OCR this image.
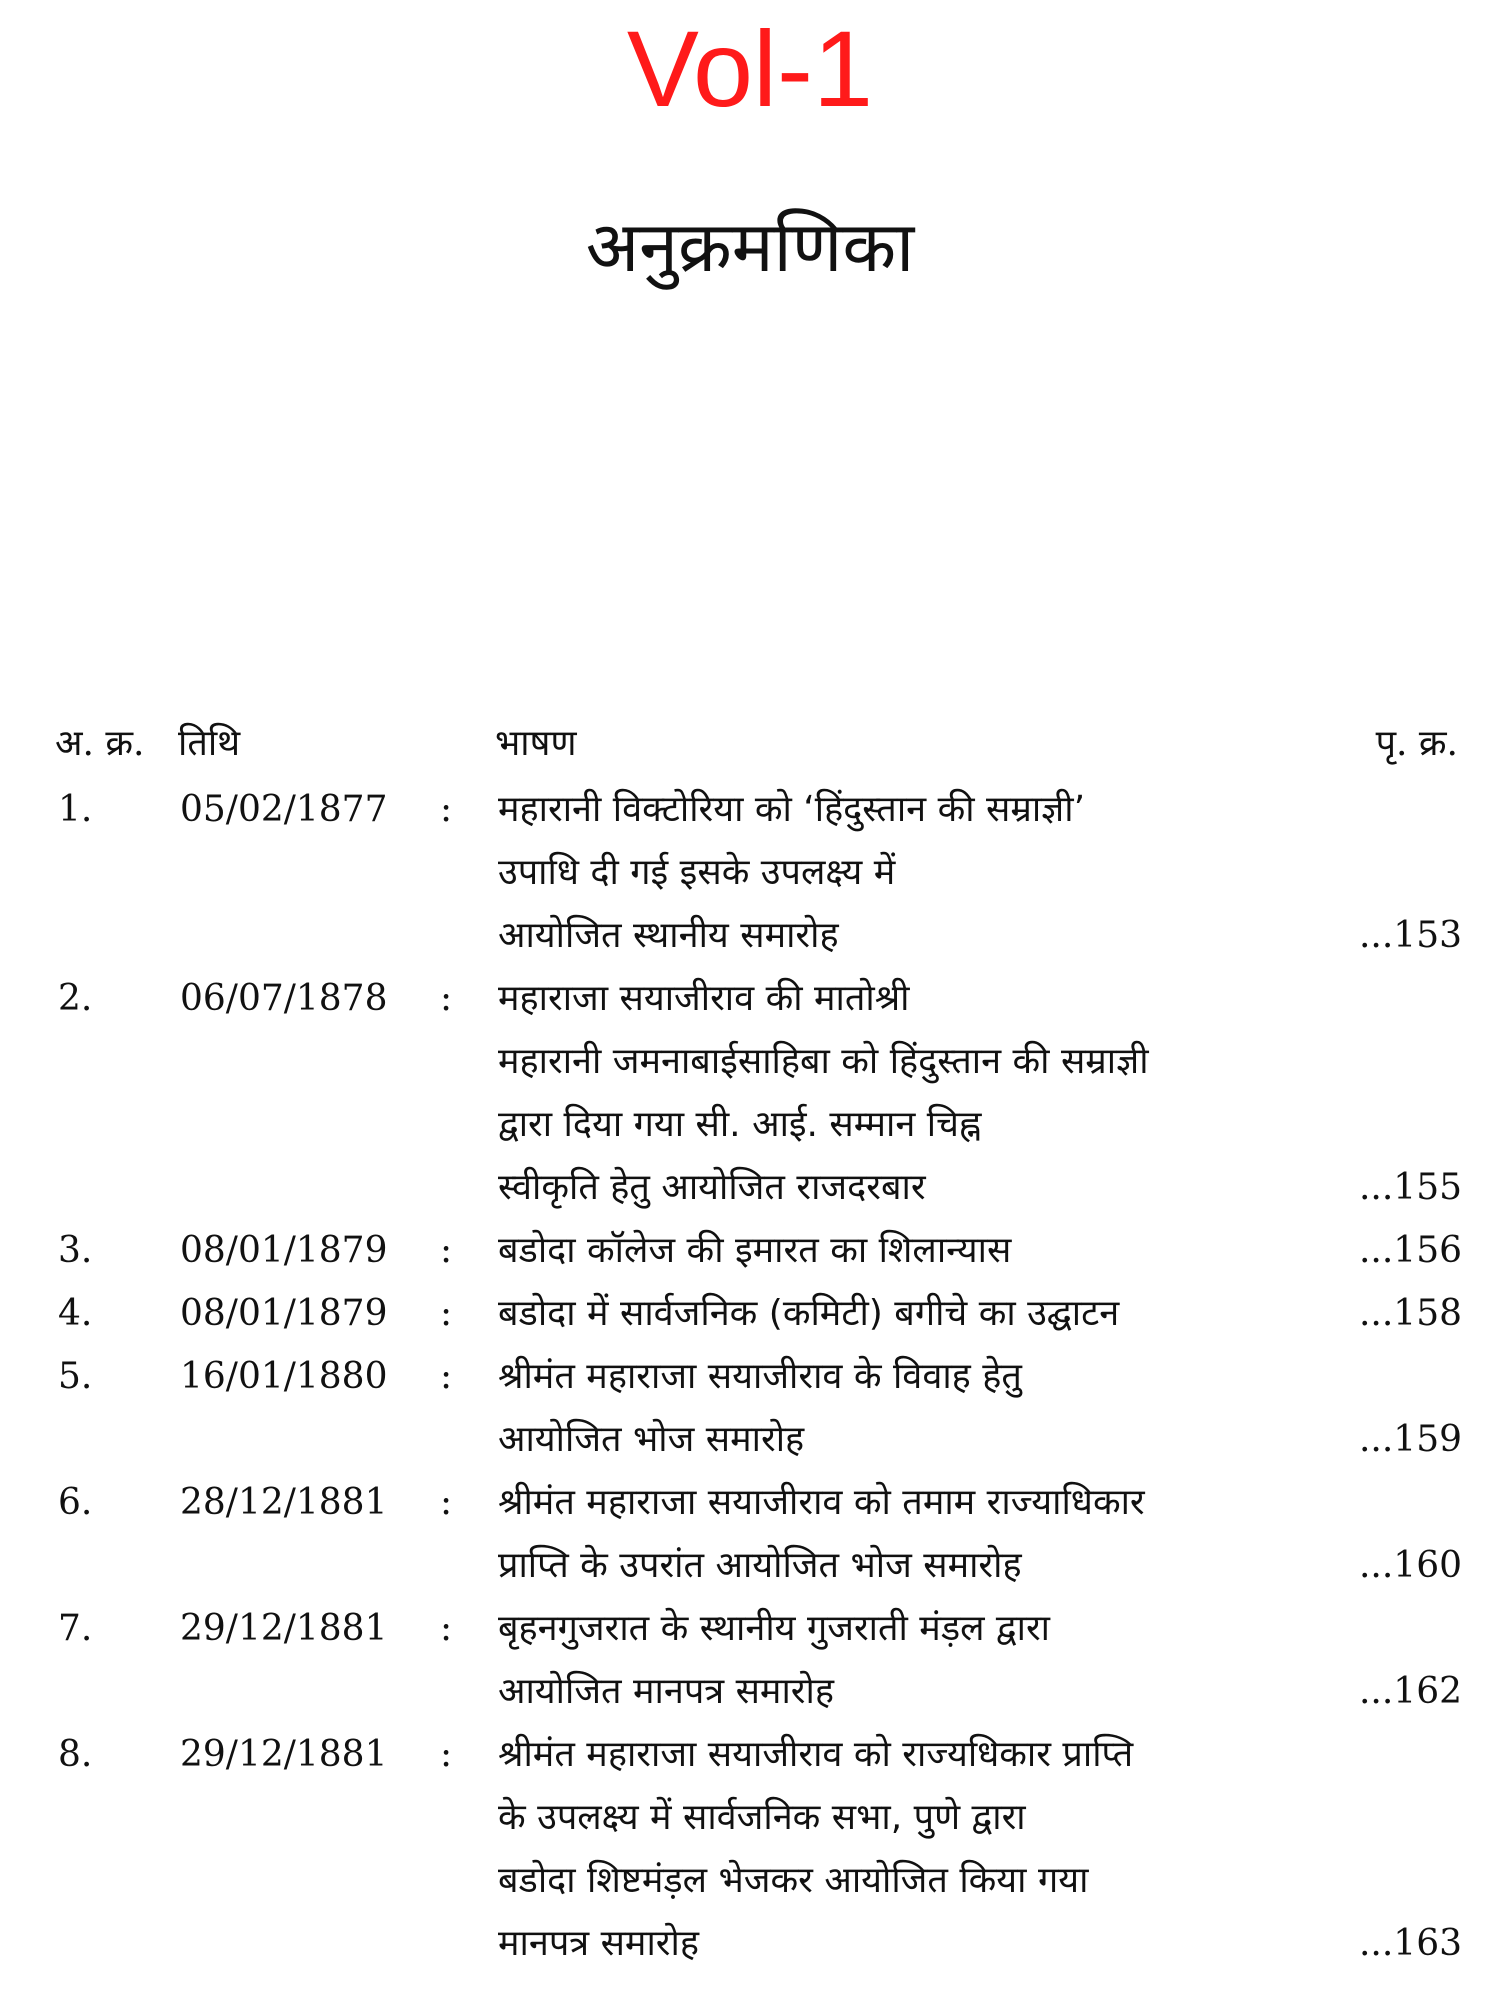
Vol-1
अनुक्रमणिका
अ. क्र. तिथि	भाषण	पृ. क्र.
1. 05/02/1877 : महारानी विक्टोरिया को ‘हिंदुस्तान की सम्राज्ञी’
उपाधि दी गई इसके उपलक्ष्य में
आयोजित स्थानीय समारोह	...153
2. 06/07/1878 : महाराजा सयाजीराव की मातोश्री
महारानी जमनाबाईसाहिबा को हिंदुस्तान की सम्राज्ञी
द्वारा दिया गया सी. आई. सम्मान चिह्न
स्वीकृति हेतु आयोजित राजदरबार	...155
3. 08/01/1879 : बडोदा कॉलेज की इमारत का शिलान्यास	...156
4. 08/01/1879 : बडोदा में सार्वजनिक (कमिटी) बगीचे का उद्घाटन	...158
5. 16/01/1880 : श्रीमंत महाराजा सयाजीराव के विवाह हेतु
आयोजित भोज समारोह	...159
6. 28/12/1881 : श्रीमंत महाराजा सयाजीराव को तमाम राज्याधिकार
प्राप्ति के उपरांत आयोजित भोज समारोह	...160
7. 29/12/1881 : बृहनगुजरात के स्थानीय गुजराती मंड़ल द्वारा
आयोजित मानपत्र समारोह	...162
8. 29/12/1881 : श्रीमंत महाराजा सयाजीराव को राज्यधिकार प्राप्ति
के उपलक्ष्य में सार्वजनिक सभा, पुणे द्वारा
बडोदा शिष्टमंड़ल भेजकर आयोजित किया गया
मानपत्र समारोह	...163
